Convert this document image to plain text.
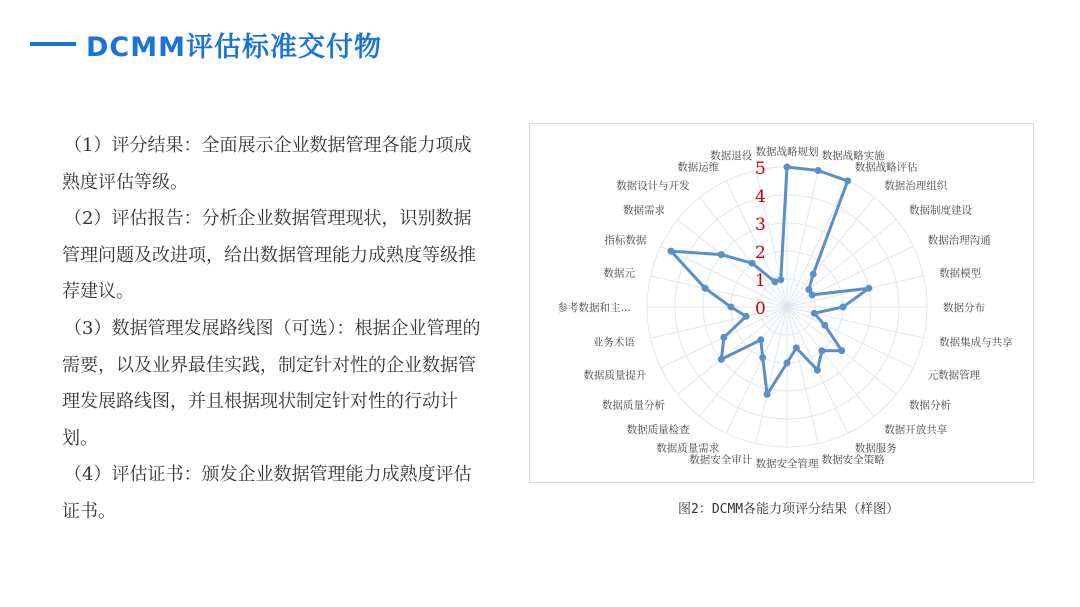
DCMM评估标准交付物

（1）评分结果：全面展示企业数据管理各能力项成熟度评估等级。

（2）评估报告：分析企业数据管理现状，识别数据管理问题及改进项，给出数据管理能力成熟度等级推荐建议。

（3）数据管理发展路线图（可选）：根据企业管理的需要，以及业界最佳实践，制定针对性的企业数据管理发展路线图，并且根据现状制定针对性的行动计划。

（4）评估证书：颁发企业数据管理能力成熟度评估证书。

0
1
2
3
4
5
数据战略规划 数据战略实施
数据战略评估
数据治理组织
数据制度建设
数据治理沟通
数据模型
数据分布
数据集成与共享
元数据管理
数据分析
数据开放共享
数据服务
数据安全策略
数据安全管理
数据安全审计
数据质量需求
数据质量检查
数据质量分析
数据质量提升
业务术语
参考数据和主…
数据元
指标数据
数据需求
数据设计与开发
数据运维
数据退役
图2：DCMM各能力项评分结果（样图）
